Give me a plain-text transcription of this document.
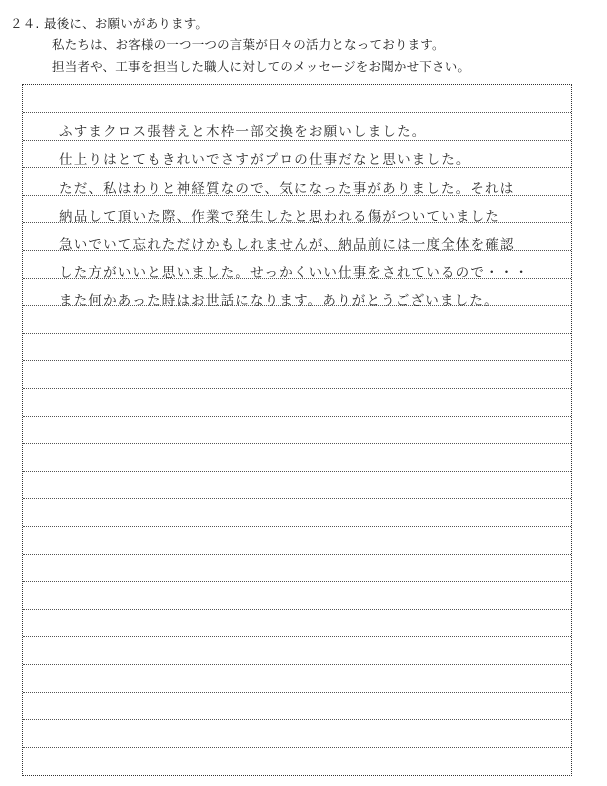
２４. 最後に、お願いがあります。
私たちは、お客様の一つ一つの言葉が日々の活力となっております。
担当者や、工事を担当した職人に対してのメッセージをお聞かせ下さい。
ふすまクロス張替えと木枠一部交換をお願いしました。
仕上りはとてもきれいでさすがプロの仕事だなと思いました。
ただ、私はわりと神経質なので、気になった事がありました。それは
納品して頂いた際、作業で発生したと思われる傷がついていました
急いでいて忘れただけかもしれませんが、納品前には一度全体を確認
した方がいいと思いました。せっかくいい仕事をされているので・・・
また何かあった時はお世話になります。ありがとうございました。
